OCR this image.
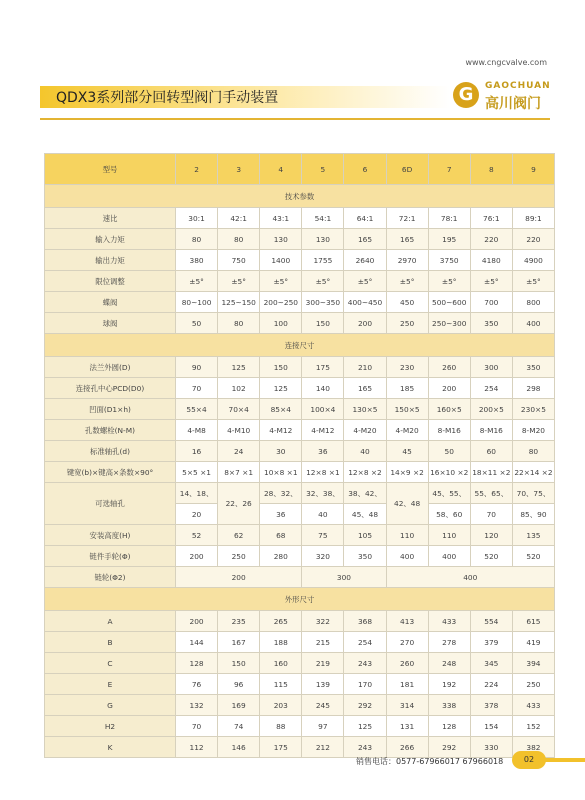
www.cngcvalve.com
G	GAOCHUAN
高川阀门
QDX3系列部分回转型阀门手动装置
型号	2	3	4	5	6	6D	7	8	9
技术参数									
速比	30:1	42:1	43:1	54:1	64:1	72:1	78:1	76:1	89:1
输入力矩	80	80	130	130	165	165	195	220	220
输出力矩	380	750	1400	1755	2640	2970	3750	4180	4900
限位调整	±5°	±5°	±5°	±5°	±5°	±5°	±5°	±5°	±5°
蝶阀	80~100	125~150	200~250	300~350	400~450	450	500~600	700	800
球阀	50	80	100	150	200	250	250~300	350	400
连接尺寸									
法兰外圆(D)	90	125	150	175	210	230	260	300	350
连接孔中心PCD(D0)	70	102	125	140	165	185	200	254	298
凹面(D1×h)	55×4	70×4	85×4	100×4	130×5	150×5	160×5	200×5	230×5
孔数螺栓(N-M)	4-M8	4-M10	4-M12	4-M12	4-M20	4-M20	8-M16	8-M16	8-M20
标准轴孔(d)	16	24	30	36	40	45	50	60	80
键宽(b)×键高×条数×90°	5×5 ×1	8×7 ×1	10×8 ×1	12×8 ×1	12×8 ×2	14×9 ×2	16×10 ×2	18×11 ×2	22×14 ×2
可选轴孔	14、18、	22、26	28、32、	32、38、	38、42、	42、48	45、55、	55、65、	70、75、
	20		36	40	45、48		58、60	70	85、90
安装高度(H)	52	62	68	75	105	110	110	120	135
链件手轮(Φ)	200	250	280	320	350	400	400	520	520
链轮(Φ2)	200			300		400			
外形尺寸									
A	200	235	265	322	368	413	433	554	615
B	144	167	188	215	254	270	278	379	419
C	128	150	160	219	243	260	248	345	394
E	76	96	115	139	170	181	192	224	250
G	132	169	203	245	292	314	338	378	433
H2	70	74	88	97	125	131	128	154	152
K	112	146	175	212	243	266	292	330	382
销售电话：0577-67966017 67966018	02
